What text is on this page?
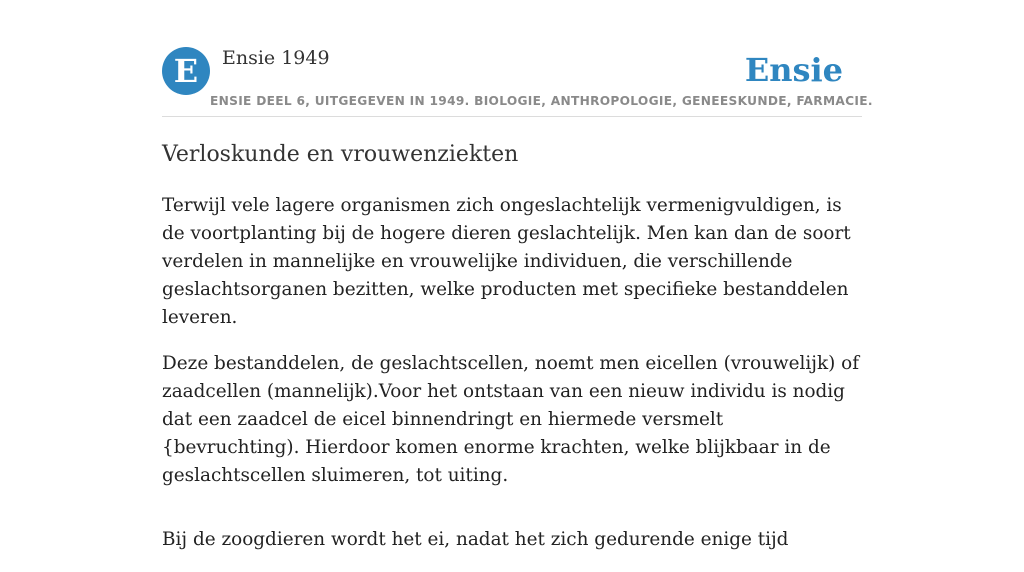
E	Ensie 1949	Ensie
ENSIE DEEL 6, UITGEGEVEN IN 1949. BIOLOGIE, ANTHROPOLOGIE, GENEESKUNDE, FARMACIE.
Verloskunde en vrouwenziekten

Terwijl vele lagere organismen zich ongeslachtelijk vermenigvuldigen, is de voortplanting bij de hogere dieren geslachtelijk. Men kan dan de soort verdelen in mannelijke en vrouwelijke individuen, die verschillende geslachtsorganen bezitten, welke producten met specifieke bestanddelen leveren.

Deze bestanddelen, de geslachtscellen, noemt men eicellen (vrouwelijk) of zaadcellen (mannelijk).Voor het ontstaan van een nieuw individu is nodig dat een zaadcel de eicel binnendringt en hiermede versmelt {bevruchting). Hierdoor komen enorme krachten, welke blijkbaar in de geslachtscellen sluimeren, tot uiting.

Bij de zoogdieren wordt het ei, nadat het zich gedurende enige tijd
